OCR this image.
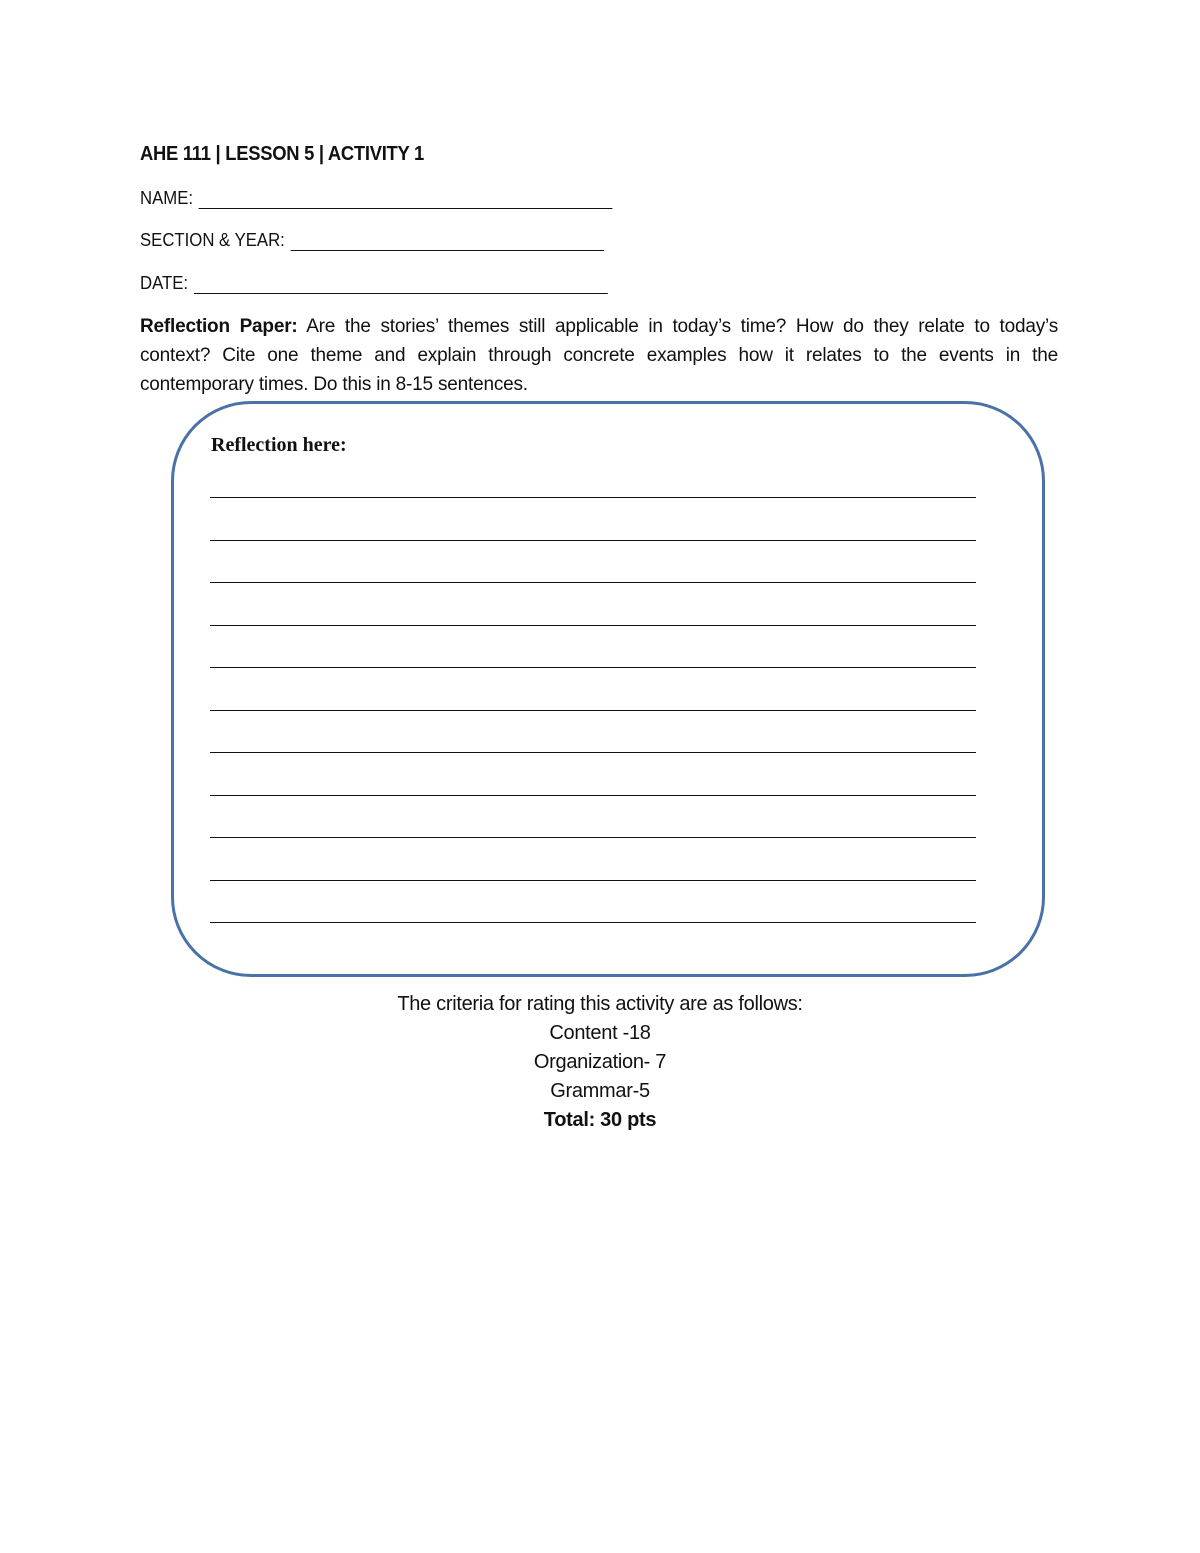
AHE 111 | LESSON 5 | ACTIVITY 1
NAME:
SECTION & YEAR:
DATE:
Reflection Paper: Are the stories’ themes still applicable in today’s time? How do they relate to today’s context? Cite one theme and explain through concrete examples how it relates to the events in the contemporary times. Do this in 8-15 sentences.
Reflection here:
The criteria for rating this activity are as follows:
Content -18
Organization- 7
Grammar-5
Total: 30 pts
